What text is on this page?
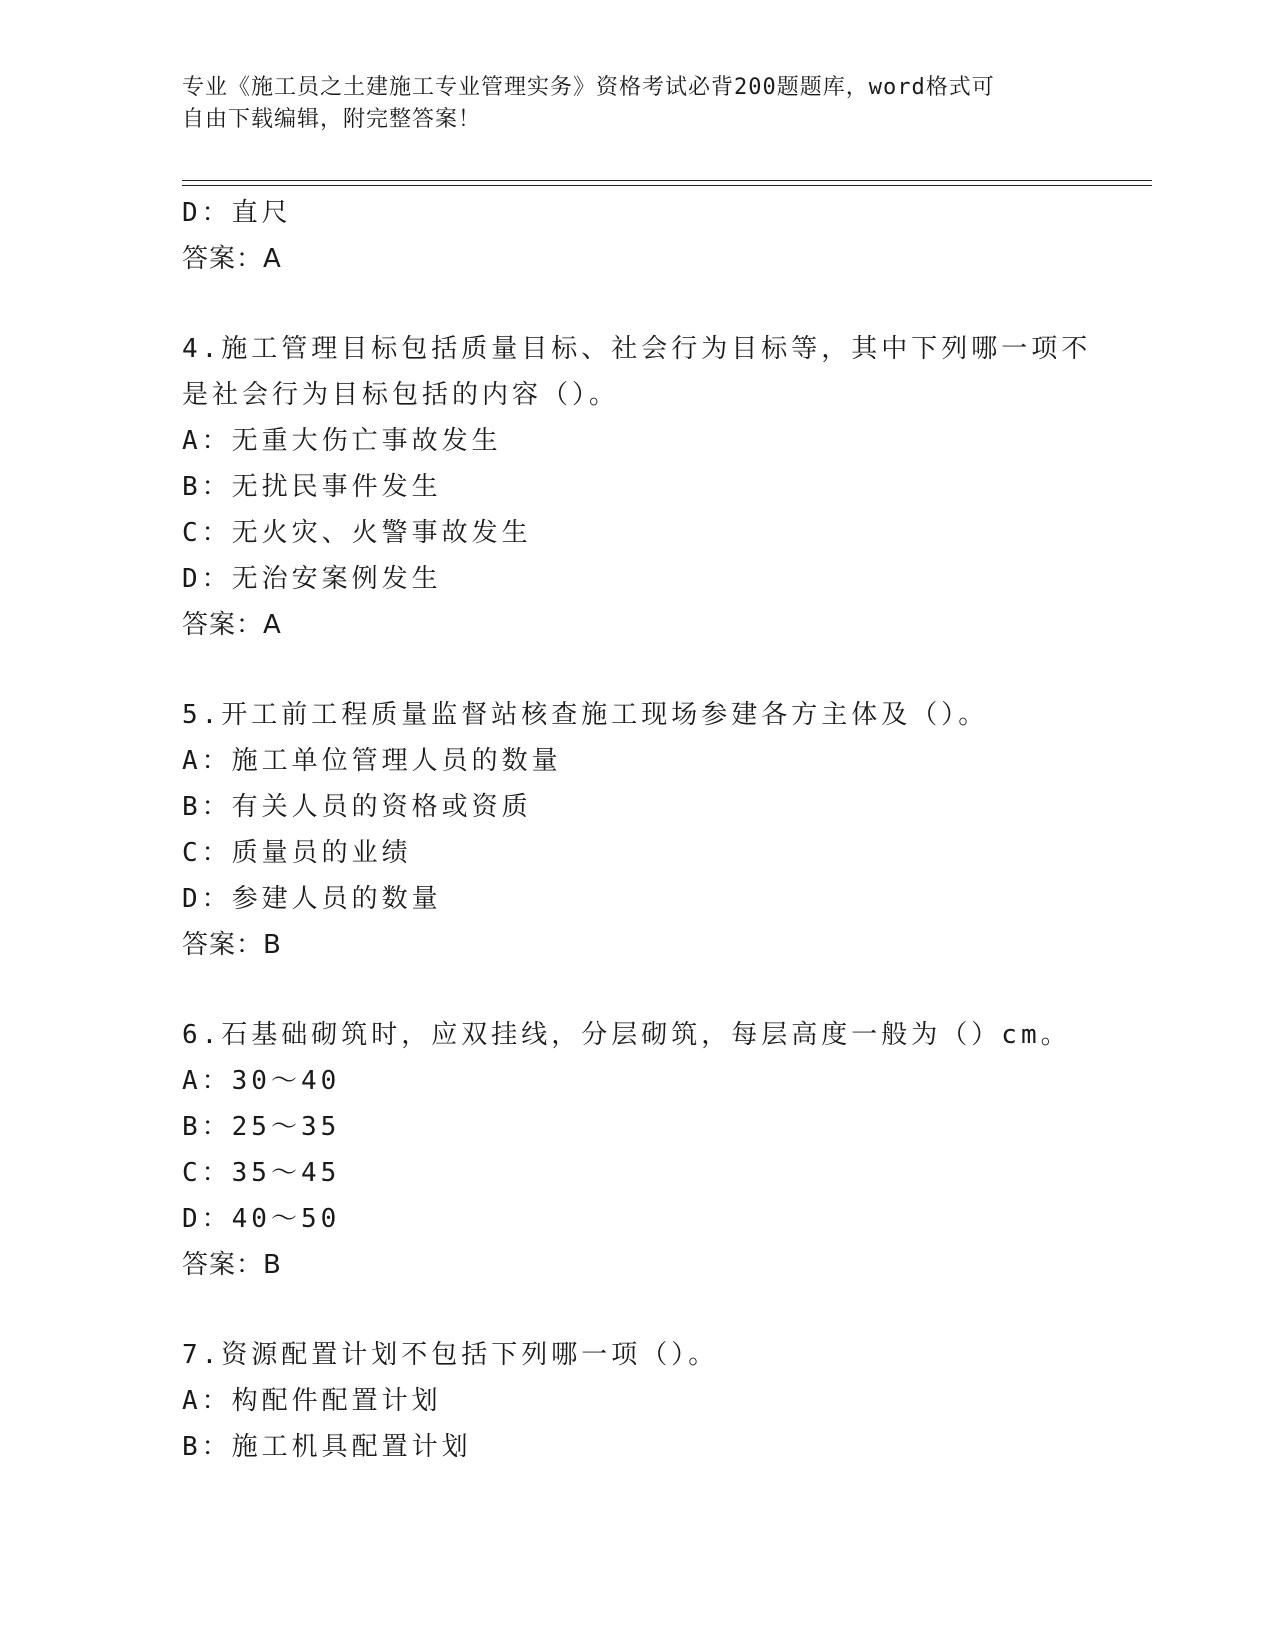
专业《施工员之土建施工专业管理实务》资格考试必背200题题库，word格式可
自由下载编辑，附完整答案！
D：直尺
答案：A
4.施工管理目标包括质量目标、社会行为目标等，其中下列哪一项不
是社会行为目标包括的内容（）。
A：无重大伤亡事故发生
B：无扰民事件发生
C：无火灾、火警事故发生
D：无治安案例发生
答案：A
5.开工前工程质量监督站核查施工现场参建各方主体及（）。
A：施工单位管理人员的数量
B：有关人员的资格或资质
C：质量员的业绩
D：参建人员的数量
答案：B
6.石基础砌筑时，应双挂线，分层砌筑，每层高度一般为（）cm。
A：30～40
B：25～35
C：35～45
D：40～50
答案：B
7.资源配置计划不包括下列哪一项（）。
A：构配件配置计划
B：施工机具配置计划
